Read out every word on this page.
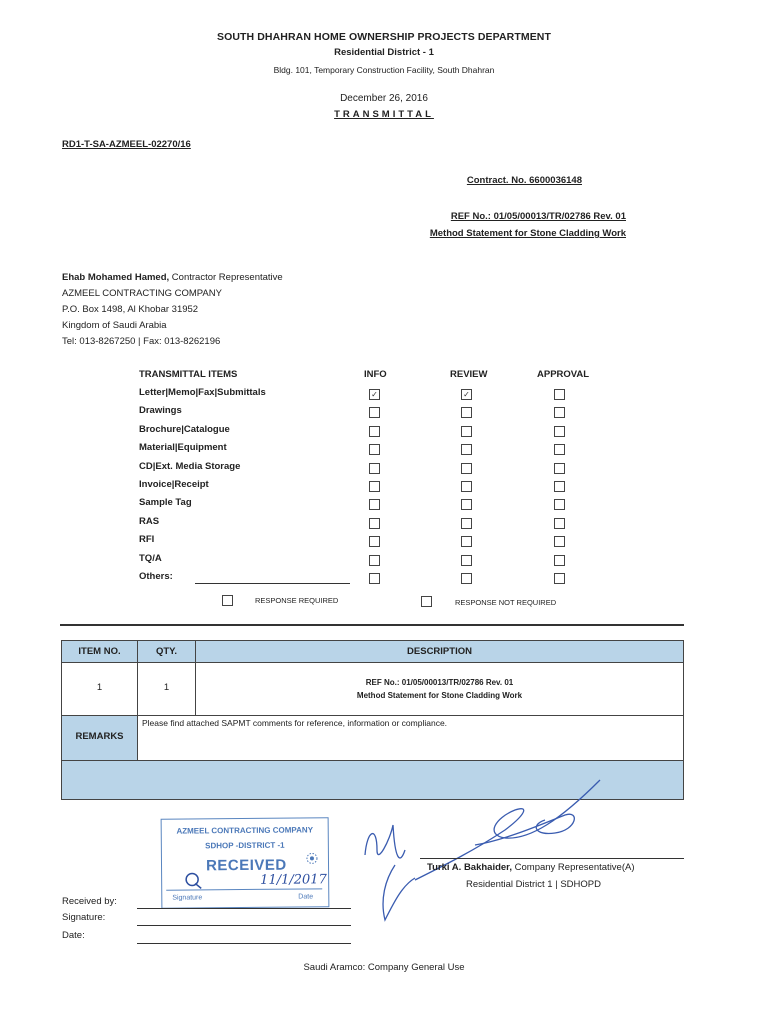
SOUTH DHAHRAN HOME OWNERSHIP PROJECTS DEPARTMENT
Residential District - 1
Bldg. 101, Temporary Construction Facility, South Dhahran
December 26, 2016
TRANSMITTAL
RD1-T-SA-AZMEEL-02270/16
Contract. No. 6600036148
REF No.: 01/05/00013/TR/02786 Rev. 01
Method Statement for Stone Cladding Work
Ehab Mohamed Hamed, Contractor Representative
AZMEEL CONTRACTING COMPANY
P.O. Box 1498, Al Khobar 31952
Kingdom of Saudi Arabia
Tel: 013-8267250 | Fax: 013-8262196
TRANSMITTAL ITEMS	INFO	REVIEW	APPROVAL
Letter|Memo|Fax|Submittals	✓	✓
Drawings
Brochure|Catalogue
Material|Equipment
CD|Ext. Media Storage
Invoice|Receipt
Sample Tag
RAS
RFI
TQ/A
Others:
RESPONSE REQUIRED	RESPONSE NOT REQUIRED
ITEM NO.	QTY.	DESCRIPTION
1	1	REF No.: 01/05/00013/TR/02786 Rev. 01
Method Statement for Stone Cladding Work
REMARKS
Please find attached SAPMT comments for reference, information or compliance.
AZMEEL CONTRACTING COMPANY
SDHOP -DISTRICT -1
RECEIVED
11/1/2017
Signature	Date
Turki A. Bakhaider, Company Representative(A)
Residential District 1 | SDHOPD
Received by:
Signature:
Date:
Saudi Aramco: Company General Use
